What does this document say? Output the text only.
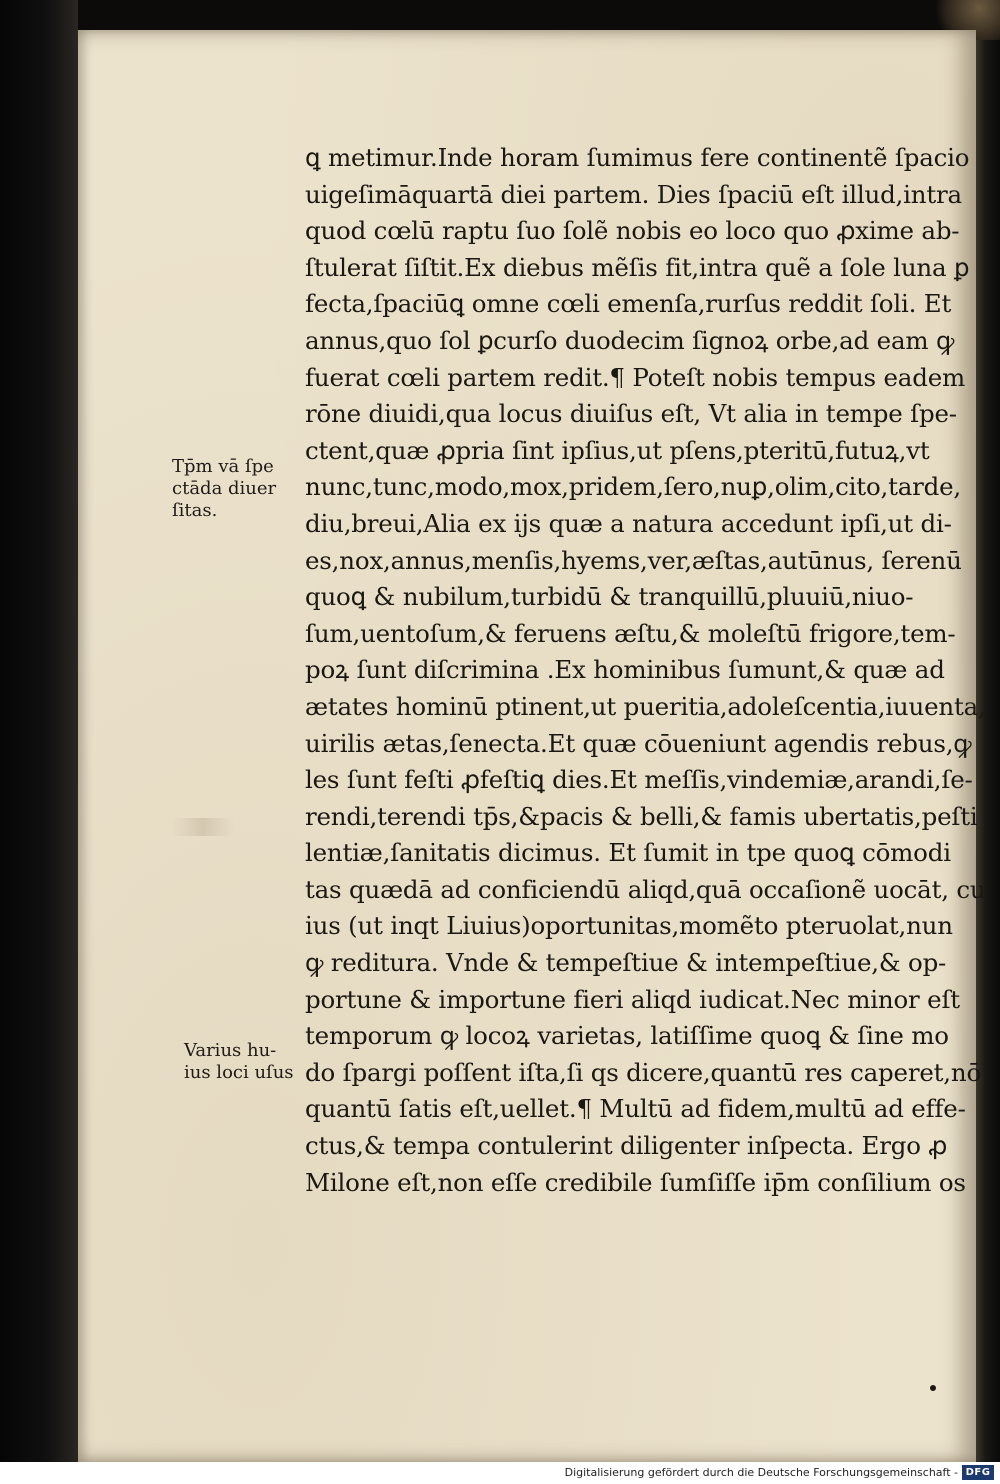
ꝗ metimur.Inde horam ſumimus fere continentẽ ſpacio
uigeſimāquartā diei partem. Dies ſpaciū eſt illud,intra
quod cœlū raptu ſuo ſolẽ nobis eo loco quo ꝓxime ab-
ſtulerat ſiſtit.Ex diebus mẽſis fit,intra quẽ a ſole luna ꝑ
fecta,ſpaciūꝗ omne cœli emenſa,rurſus reddit ſoli. Et
annus,quo ſol ꝑcurſo duodecim ſignoꝝ orbe,ad eam ꝙ
fuerat cœli partem redit.¶ Poteſt nobis tempus eadem
rōne diuidi,qua locus diuiſus eſt, Vt alia in tempe ſpe-
ctent,quæ ꝓpria ſint ipſius,ut pſens,pteritū,futuꝝ,vt
nunc,tunc,modo,mox,pridem,ſero,nuꝑ,olim,cito,tarde,
diu,breui,Alia ex ijs quæ a natura accedunt ipſi,ut di-
es,nox,annus,menſis,hyems,ver,æſtas,autūnus, ſerenū
quoꝗ & nubilum,turbidū & tranquillū,pluuiū,niuo-
ſum,uentoſum,& feruens æſtu,& moleſtū frigore,tem-
poꝝ ſunt diſcrimina .Ex hominibus ſumunt,& quæ ad
ætates hominū ptinent,ut pueritia,adoleſcentia,iuuenta,
uirilis ætas,ſenecta.Et quæ cōueniunt agendis rebus,ꝙ
les ſunt feſti ꝓfeſtiꝗ dies.Et meſſis,vindemiæ,arandi,ſe-
rendi,terendi tp̄s,&pacis & belli,& famis ubertatis,peſti
lentiæ,ſanitatis dicimus. Et ſumit in tpe quoꝗ cōmodi
tas quædā ad conficiendū aliqd,quā occaſionẽ uocāt, cu
ius (ut inqt Liuius)oportunitas,momẽto pteruolat,nun
ꝙ reditura. Vnde & tempeſtiue & intempeſtiue,& op-
portune & importune fieri aliqd iudicat.Nec minor eſt
temporum ꝙ locoꝝ varietas, latiſſime quoꝗ & ſine mo
do ſpargi poſſent iſta,ſi qs dicere,quantū res caperet,nō
quantū ſatis eſt,uellet.¶ Multū ad fidem,multū ad effe-
ctus,& tempa contulerint diligenter inſpecta. Ergo ꝓ
Milone eſt,non eſſe credibile ſumſiſſe ip̄m conſilium os
Tp̄m vā ſpe
ctāda diuer
ſitas.
Varius hu-
ius loci uſus
Digitalisierung gefördert durch die Deutsche Forschungsgemeinschaft - DFG
